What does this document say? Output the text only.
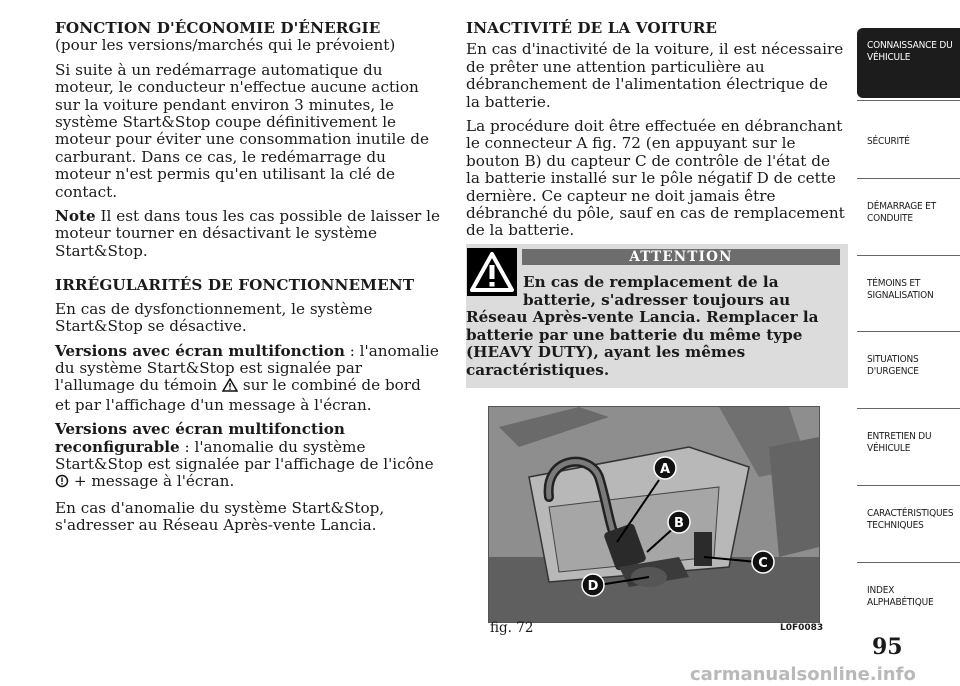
FONCTION D'ÉCONOMIE D'ÉNERGIE

(pour les versions/marchés qui le prévoient)

Si suite à un redémarrage automatique du moteur, le conducteur n'effectue aucune action sur la voiture pendant environ 3 minutes, le système Start&Stop coupe définitivement le moteur pour éviter une consommation inutile de carburant. Dans ce cas, le redémarrage du moteur n'est permis qu'en utilisant la clé de contact.

Note Il est dans tous les cas possible de laisser le moteur tourner en désactivant le système Start&Stop.

IRRÉGULARITÉS DE FONCTIONNEMENT

En cas de dysfonctionnement, le système Start&Stop se désactive.

Versions avec écran multifonction : l'anomalie du système Start&Stop est signalée par l'allumage du témoin  sur le combiné de bord et par l'affichage d'un message à l'écran.

Versions avec écran multifonction reconfigurable : l'anomalie du système Start&Stop est signalée par l'affichage de l'icône  + message à l'écran.

En cas d'anomalie du système Start&Stop, s'adresser au Réseau Après-vente Lancia.

INACTIVITÉ DE LA VOITURE

En cas d'inactivité de la voiture, il est nécessaire de prêter une attention particulière au débranchement de l'alimentation électrique de la batterie.

La procédure doit être effectuée en débranchant le connecteur A fig. 72 (en appuyant sur le bouton B) du capteur C de contrôle de l'état de la batterie installé sur le pôle négatif D de cette dernière. Ce capteur ne doit jamais être débranché du pôle, sauf en cas de remplacement de la batterie.

ATTENTION
En cas de remplacement de la
batterie, s'adresser toujours au
Réseau Après-vente Lancia. Remplacer la batterie par une batterie du même type (HEAVY DUTY), ayant les mêmes caractéristiques.
A
B
C
D
fig. 72	L0F0083
CONNAISSANCE DU VÉHICULE
SÉCURITÉ
DÉMARRAGE ET CONDUITE
TÉMOINS ET SIGNALISATION
SITUATIONS D'URGENCE
ENTRETIEN DU VÉHICULE
CARACTÉRISTIQUES TECHNIQUES
INDEX ALPHABÉTIQUE
95
carmanualsonline.info
